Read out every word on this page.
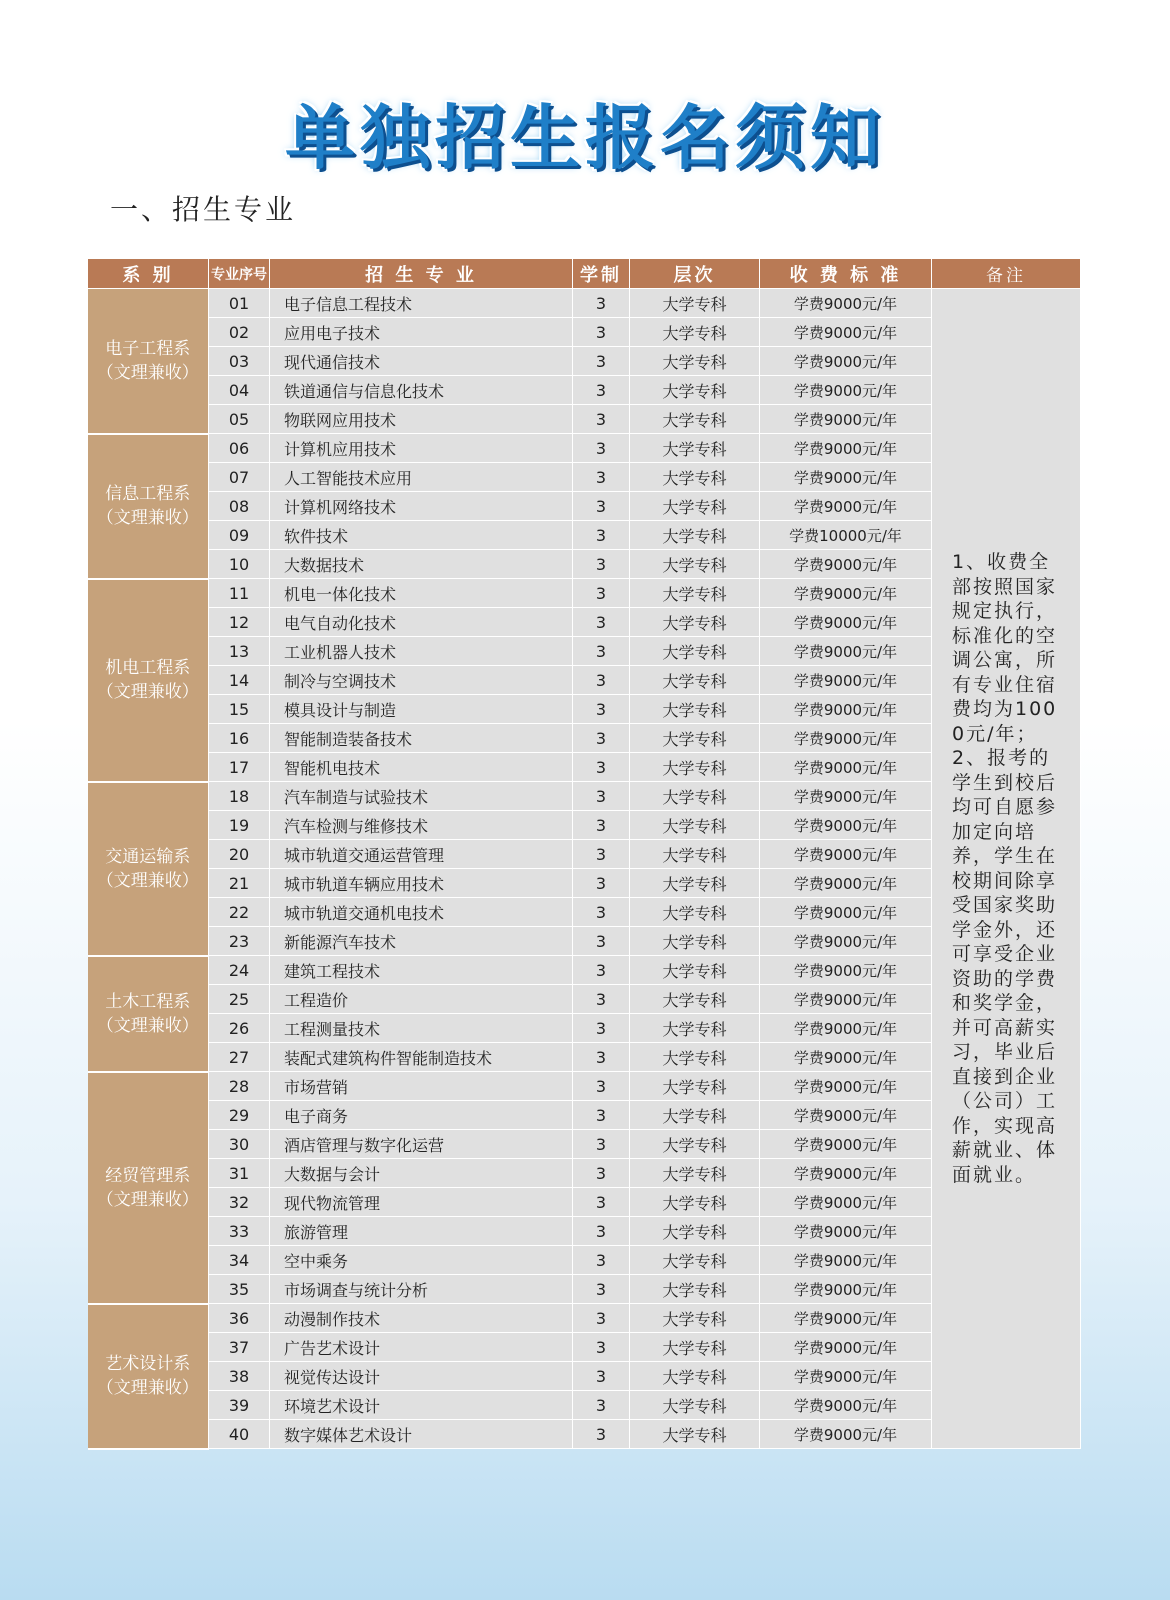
单独招生报名须知
一、招生专业
系 别	专业序号	招 生 专 业	学制	层次	收 费 标 准	备注

电子工程系
（文理兼收）	01	电子信息工程技术	3	大学专科	学费9000元/年	1、收费全部按照国家规定执行，标准化的空调公寓，所有专业住宿费均为1000元/年；2、报考的学生到校后均可自愿参加定向培养，学生在校期间除享受国家奖助学金外，还可享受企业资助的学费和奖学金，并可高薪实习，毕业后直接到企业（公司）工作，实现高薪就业、体面就业。
	02	应用电子技术	3	大学专科	学费9000元/年	
	03	现代通信技术	3	大学专科	学费9000元/年	
	04	铁道通信与信息化技术	3	大学专科	学费9000元/年	
	05	物联网应用技术	3	大学专科	学费9000元/年	

信息工程系
（文理兼收）	06	计算机应用技术	3	大学专科	学费9000元/年	
	07	人工智能技术应用	3	大学专科	学费9000元/年	
	08	计算机网络技术	3	大学专科	学费9000元/年	
	09	软件技术	3	大学专科	学费10000元/年	
	10	大数据技术	3	大学专科	学费9000元/年	

机电工程系
（文理兼收）	11	机电一体化技术	3	大学专科	学费9000元/年	
	12	电气自动化技术	3	大学专科	学费9000元/年	
	13	工业机器人技术	3	大学专科	学费9000元/年	
	14	制冷与空调技术	3	大学专科	学费9000元/年	
	15	模具设计与制造	3	大学专科	学费9000元/年	
	16	智能制造装备技术	3	大学专科	学费9000元/年	
	17	智能机电技术	3	大学专科	学费9000元/年	

交通运输系
（文理兼收）	18	汽车制造与试验技术	3	大学专科	学费9000元/年	
	19	汽车检测与维修技术	3	大学专科	学费9000元/年	
	20	城市轨道交通运营管理	3	大学专科	学费9000元/年	
	21	城市轨道车辆应用技术	3	大学专科	学费9000元/年	
	22	城市轨道交通机电技术	3	大学专科	学费9000元/年	
	23	新能源汽车技术	3	大学专科	学费9000元/年	

土木工程系
（文理兼收）	24	建筑工程技术	3	大学专科	学费9000元/年	
	25	工程造价	3	大学专科	学费9000元/年	
	26	工程测量技术	3	大学专科	学费9000元/年	
	27	装配式建筑构件智能制造技术	3	大学专科	学费9000元/年	

经贸管理系
（文理兼收）	28	市场营销	3	大学专科	学费9000元/年	
	29	电子商务	3	大学专科	学费9000元/年	
	30	酒店管理与数字化运营	3	大学专科	学费9000元/年	
	31	大数据与会计	3	大学专科	学费9000元/年	
	32	现代物流管理	3	大学专科	学费9000元/年	
	33	旅游管理	3	大学专科	学费9000元/年	
	34	空中乘务	3	大学专科	学费9000元/年	
	35	市场调查与统计分析	3	大学专科	学费9000元/年	

艺术设计系
（文理兼收）	36	动漫制作技术	3	大学专科	学费9000元/年	
	37	广告艺术设计	3	大学专科	学费9000元/年	
	38	视觉传达设计	3	大学专科	学费9000元/年	
	39	环境艺术设计	3	大学专科	学费9000元/年	
	40	数字媒体艺术设计	3	大学专科	学费9000元/年	
